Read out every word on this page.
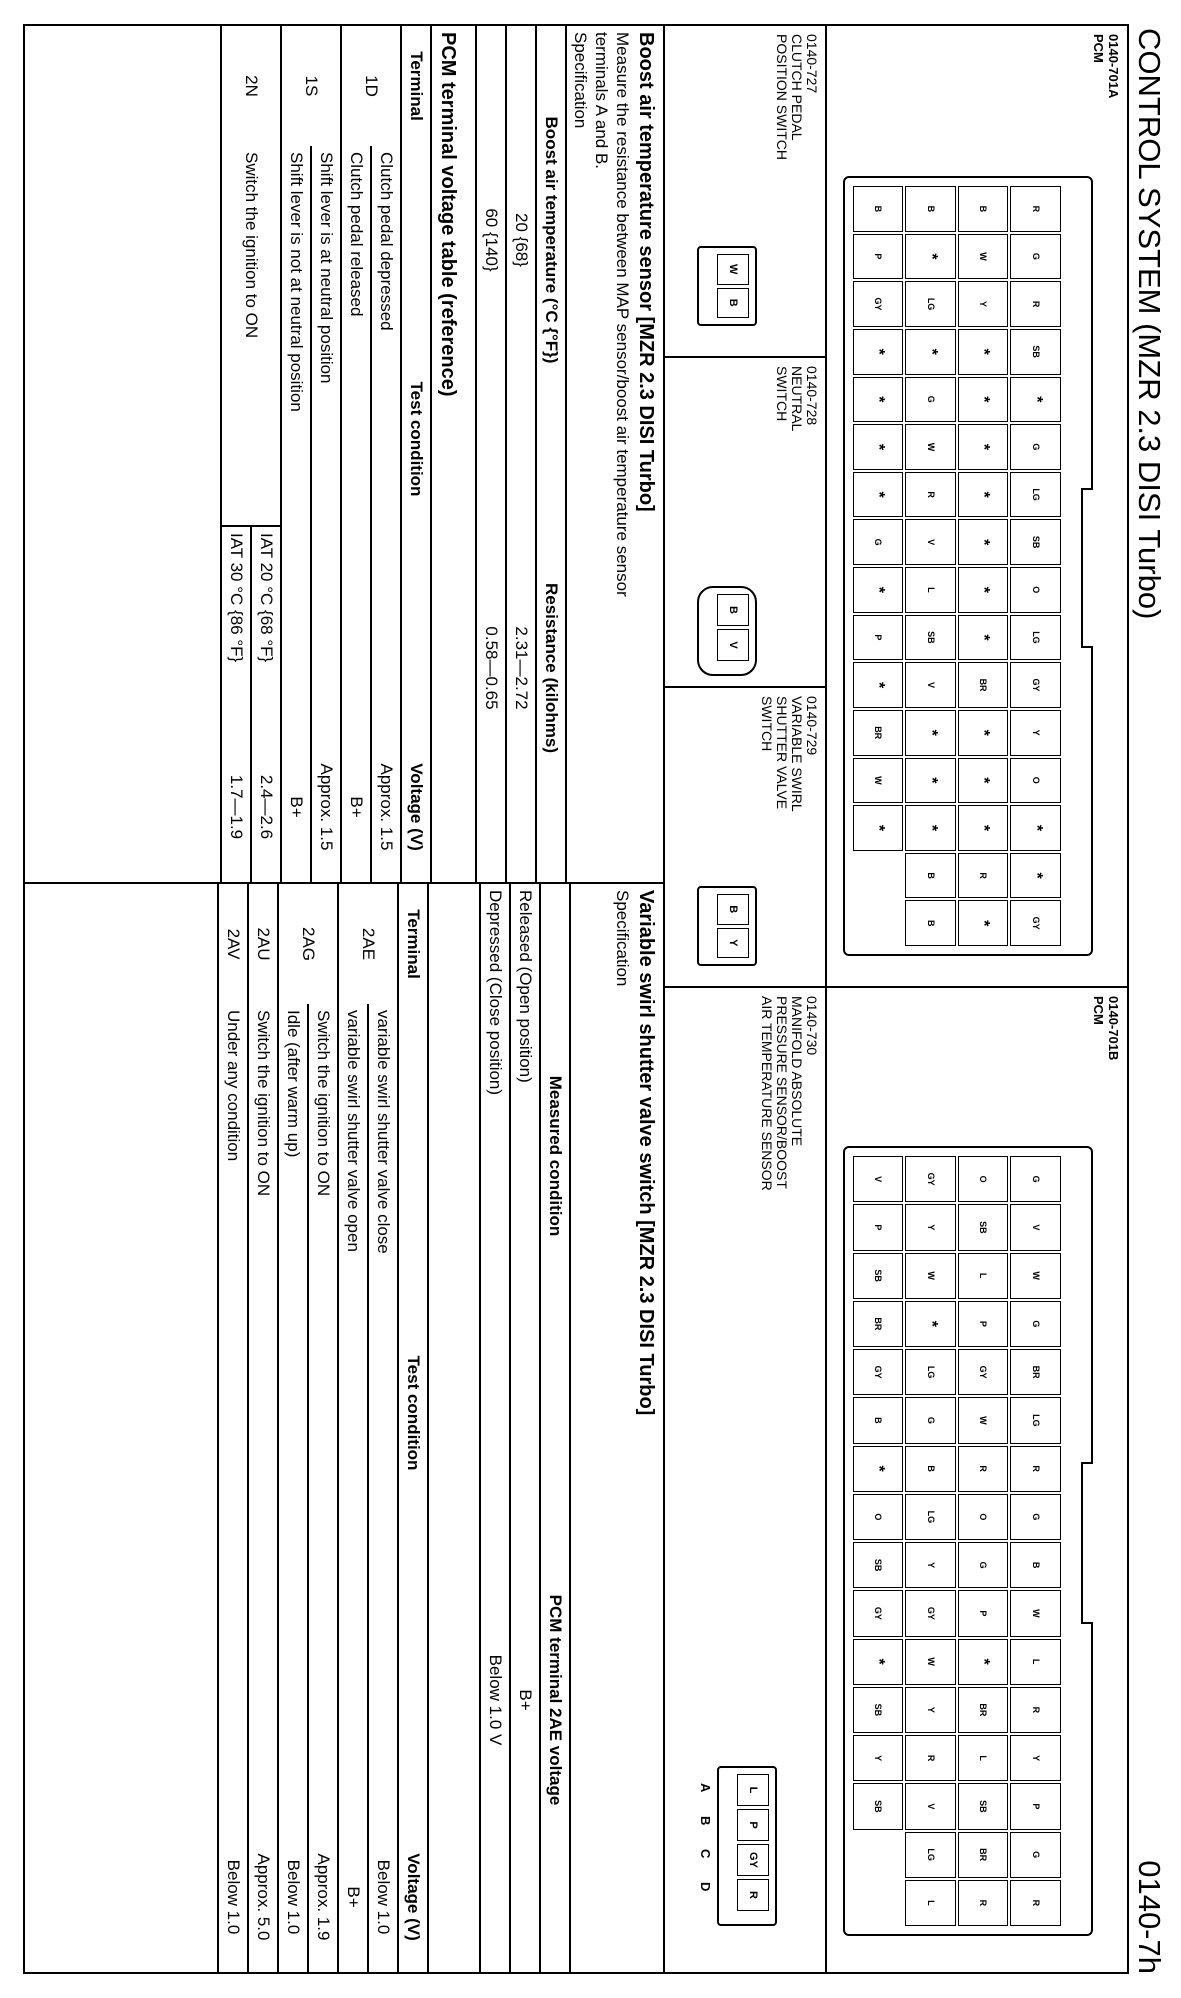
CONTROL SYSTEM (MZR 2.3 DISI Turbo)
0140-7h
0140-701A
PCM
R
G
R
SB
*
G
LG
SB
O
LG
GY
Y
O
*
*
GY
B
W
Y
*
*
*
*
*
*
*
BR
*
*
*
R
*
B
*
LG
*
G
W
R
V
L
SB
V
*
*
*
B
B
B
P
GY
*
*
*
*
G
*
P
*
BR
W
*
0140-701B
PCM
G
V
W
G
BR
LG
R
G
B
W
L
R
Y
P
G
R
O
SB
L
P
GY
W
R
O
G
P
*
BR
L
SB
BR
R
GY
Y
W
*
LG
G
B
LG
Y
GY
W
Y
R
V
LG
L
V
P
SB
BR
GY
B
*
O
SB
GY
*
SB
Y
SB
0140-727
CLUTCH PEDAL
POSITION SWITCH
W
B
0140-728
NEUTRAL
SWITCH
B
V
0140-729
VARIABLE SWIRL
SHUTTER VALVE
SWITCH
B
Y
0140-730
MANIFOLD ABSOLUTE
PRESSURE SENSOR/BOOST
AIR TEMPERATURE SENSOR
L
P
GY
R
A
B
C
D
Boost air temperature sensor [MZR 2.3 DISI Turbo]
Measure the resistance between MAP sensor/boost air temperature sensor
terminals A and B.
Specification
Boost air temperature (°C {°F})	Resistance (kilohms)
20 {68}	2.31—2.72
60 {140}	0.58—0.65
PCM terminal voltage table (reference)
Terminal	Test condition		Voltage (V)
1D	Clutch pedal depressed		Approx. 1.5
	Clutch pedal released		B+
1S	Shift lever is at neutral position		Approx. 1.5
	Shift lever is not at neutral position		B+
2N	Switch the ignition to ON	IAT 20 °C {68 °F}	2.4—2.6
		IAT 30 °C {86 °F}	1.7—1.9
Variable swirl shutter valve switch [MZR 2.3 DISI Turbo]
Specification
Measured condition	PCM terminal 2AE voltage
Released (Open position)	B+
Depressed (Close position)	Below 1.0 V
Terminal	Test condition	Voltage (V)
2AE	variable swirl shutter valve close	Below 1.0
	variable swirl shutter valve open	B+
2AG	Switch the ignition to ON	Approx. 1.9
	Idle (after warm up)	Below 1.0
2AU	Switch the ignition to ON	Approx. 5.0
2AV	Under any condition	Below 1.0
